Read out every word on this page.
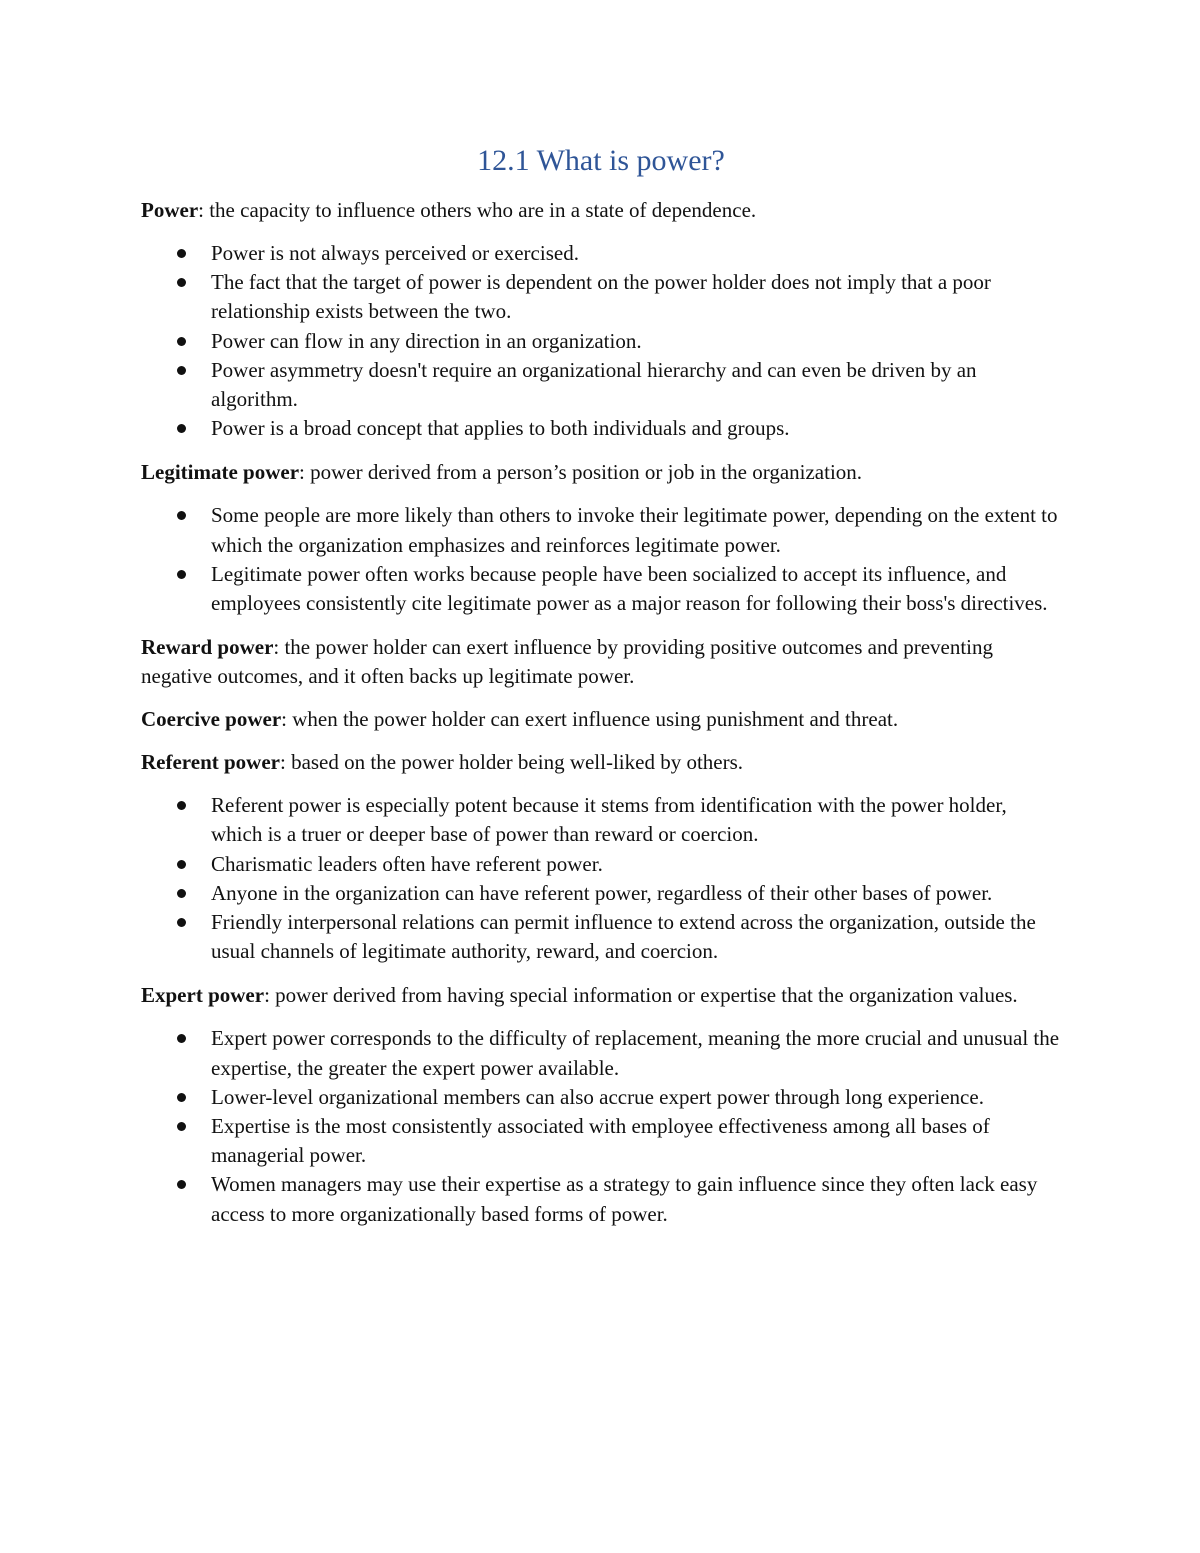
12.1 What is power?

Power: the capacity to influence others who are in a state of dependence.

Power is not always perceived or exercised.
The fact that the target of power is dependent on the power holder does not imply that a poor relationship exists between the two.
Power can flow in any direction in an organization.
Power asymmetry doesn't require an organizational hierarchy and can even be driven by an algorithm.
Power is a broad concept that applies to both individuals and groups.

Legitimate power: power derived from a person’s position or job in the organization.

Some people are more likely than others to invoke their legitimate power, depending on the extent to which the organization emphasizes and reinforces legitimate power.
Legitimate power often works because people have been socialized to accept its influence, and employees consistently cite legitimate power as a major reason for following their boss's directives.

Reward power: the power holder can exert influence by providing positive outcomes and preventing negative outcomes, and it often backs up legitimate power.

Coercive power: when the power holder can exert influence using punishment and threat.

Referent power: based on the power holder being well-liked by others.

Referent power is especially potent because it stems from identification with the power holder, which is a truer or deeper base of power than reward or coercion.
Charismatic leaders often have referent power.
Anyone in the organization can have referent power, regardless of their other bases of power.
Friendly interpersonal relations can permit influence to extend across the organization, outside the usual channels of legitimate authority, reward, and coercion.

Expert power: power derived from having special information or expertise that the organization values.

Expert power corresponds to the difficulty of replacement, meaning the more crucial and unusual the expertise, the greater the expert power available.
Lower-level organizational members can also accrue expert power through long experience.
Expertise is the most consistently associated with employee effectiveness among all bases of managerial power.
Women managers may use their expertise as a strategy to gain influence since they often lack easy access to more organizationally based forms of power.
